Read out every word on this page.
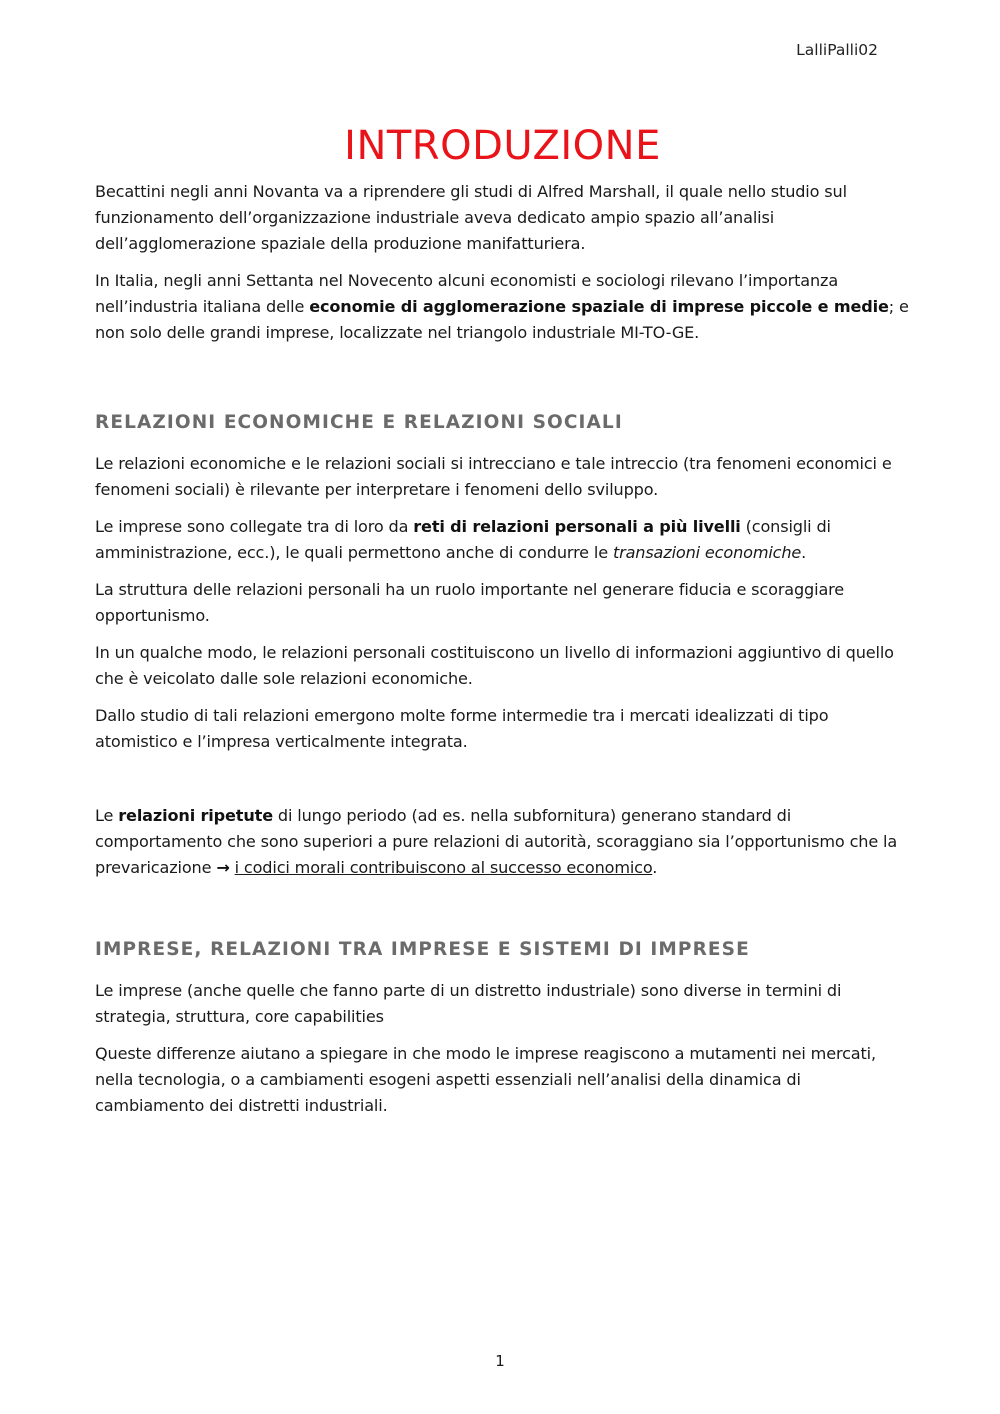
LalliPalli02
INTRODUZIONE

Becattini negli anni Novanta va a riprendere gli studi di Alfred Marshall, il quale nello studio sul funzionamento dell’organizzazione industriale aveva dedicato ampio spazio all’analisi dell’agglomerazione spaziale della produzione manifatturiera.

In Italia, negli anni Settanta nel Novecento alcuni economisti e sociologi rilevano l’importanza nell’industria italiana delle economie di agglomerazione spaziale di imprese piccole e medie; e non solo delle grandi imprese, localizzate nel triangolo industriale MI-TO-GE.

RELAZIONI ECONOMICHE E RELAZIONI SOCIALI

Le relazioni economiche e le relazioni sociali si intrecciano e tale intreccio (tra fenomeni economici e fenomeni sociali) è rilevante per interpretare i fenomeni dello sviluppo.

Le imprese sono collegate tra di loro da reti di relazioni personali a più livelli (consigli di amministrazione, ecc.), le quali permettono anche di condurre le transazioni economiche.

La struttura delle relazioni personali ha un ruolo importante nel generare fiducia e scoraggiare opportunismo.

In un qualche modo, le relazioni personali costituiscono un livello di informazioni aggiuntivo di quello che è veicolato dalle sole relazioni economiche.

Dallo studio di tali relazioni emergono molte forme intermedie tra i mercati idealizzati di tipo atomistico e l’impresa verticalmente integrata.

Le relazioni ripetute di lungo periodo (ad es. nella subfornitura) generano standard di comportamento che sono superiori a pure relazioni di autorità, scoraggiano sia l’opportunismo che la prevaricazione → i codici morali contribuiscono al successo economico.

IMPRESE, RELAZIONI TRA IMPRESE E SISTEMI DI IMPRESE

Le imprese (anche quelle che fanno parte di un distretto industriale) sono diverse in termini di strategia, struttura, core capabilities

Queste differenze aiutano a spiegare in che modo le imprese reagiscono a mutamenti nei mercati, nella tecnologia, o a cambiamenti esogeni aspetti essenziali nell’analisi della dinamica di cambiamento dei distretti industriali.

1
